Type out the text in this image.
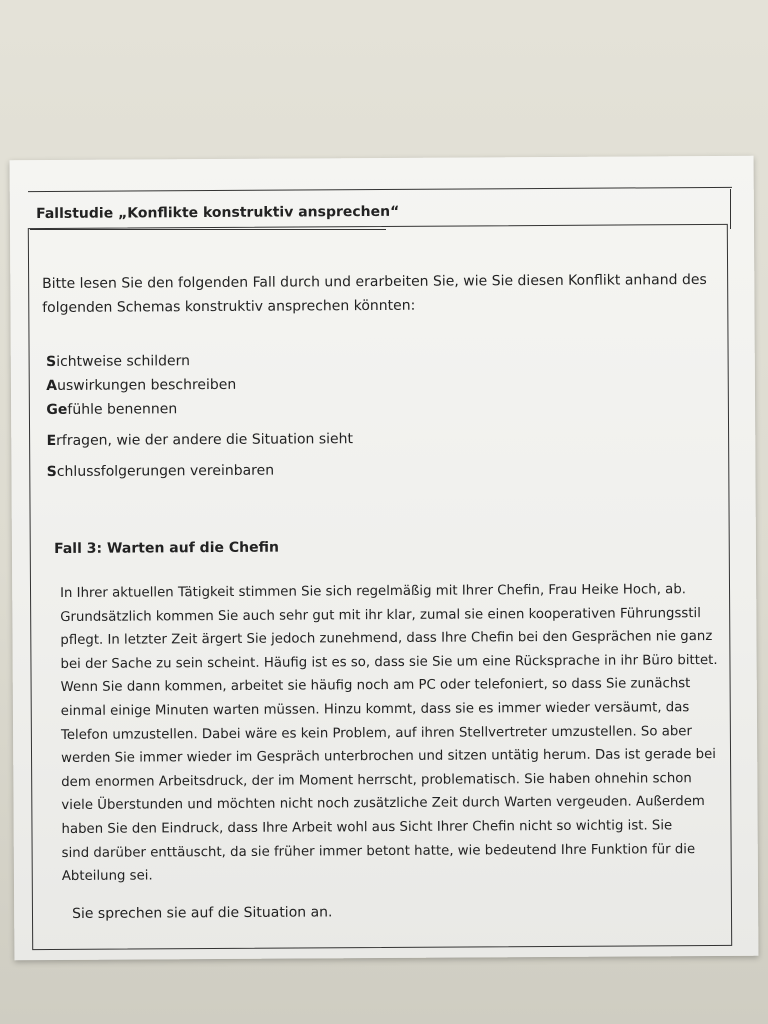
Fallstudie „Konflikte konstruktiv ansprechen“
Bitte lesen Sie den folgenden Fall durch und erarbeiten Sie, wie Sie diesen Konflikt anhand des
folgenden Schemas konstruktiv ansprechen könnten:
Sichtweise schildern
Auswirkungen beschreiben
Gefühle benennen
Erfragen, wie der andere die Situation sieht
Schlussfolgerungen vereinbaren
Fall 3: Warten auf die Chefin
In Ihrer aktuellen Tätigkeit stimmen Sie sich regelmäßig mit Ihrer Chefin, Frau Heike Hoch, ab.
Grundsätzlich kommen Sie auch sehr gut mit ihr klar, zumal sie einen kooperativen Führungsstil
pflegt. In letzter Zeit ärgert Sie jedoch zunehmend, dass Ihre Chefin bei den Gesprächen nie ganz
bei der Sache zu sein scheint. Häufig ist es so, dass sie Sie um eine Rücksprache in ihr Büro bittet.
Wenn Sie dann kommen, arbeitet sie häufig noch am PC oder telefoniert, so dass Sie zunächst
einmal einige Minuten warten müssen. Hinzu kommt, dass sie es immer wieder versäumt, das
Telefon umzustellen. Dabei wäre es kein Problem, auf ihren Stellvertreter umzustellen. So aber
werden Sie immer wieder im Gespräch unterbrochen und sitzen untätig herum. Das ist gerade bei
dem enormen Arbeitsdruck, der im Moment herrscht, problematisch. Sie haben ohnehin schon
viele Überstunden und möchten nicht noch zusätzliche Zeit durch Warten vergeuden. Außerdem
haben Sie den Eindruck, dass Ihre Arbeit wohl aus Sicht Ihrer Chefin nicht so wichtig ist. Sie
sind darüber enttäuscht, da sie früher immer betont hatte, wie bedeutend Ihre Funktion für die
Abteilung sei.
Sie sprechen sie auf die Situation an.
